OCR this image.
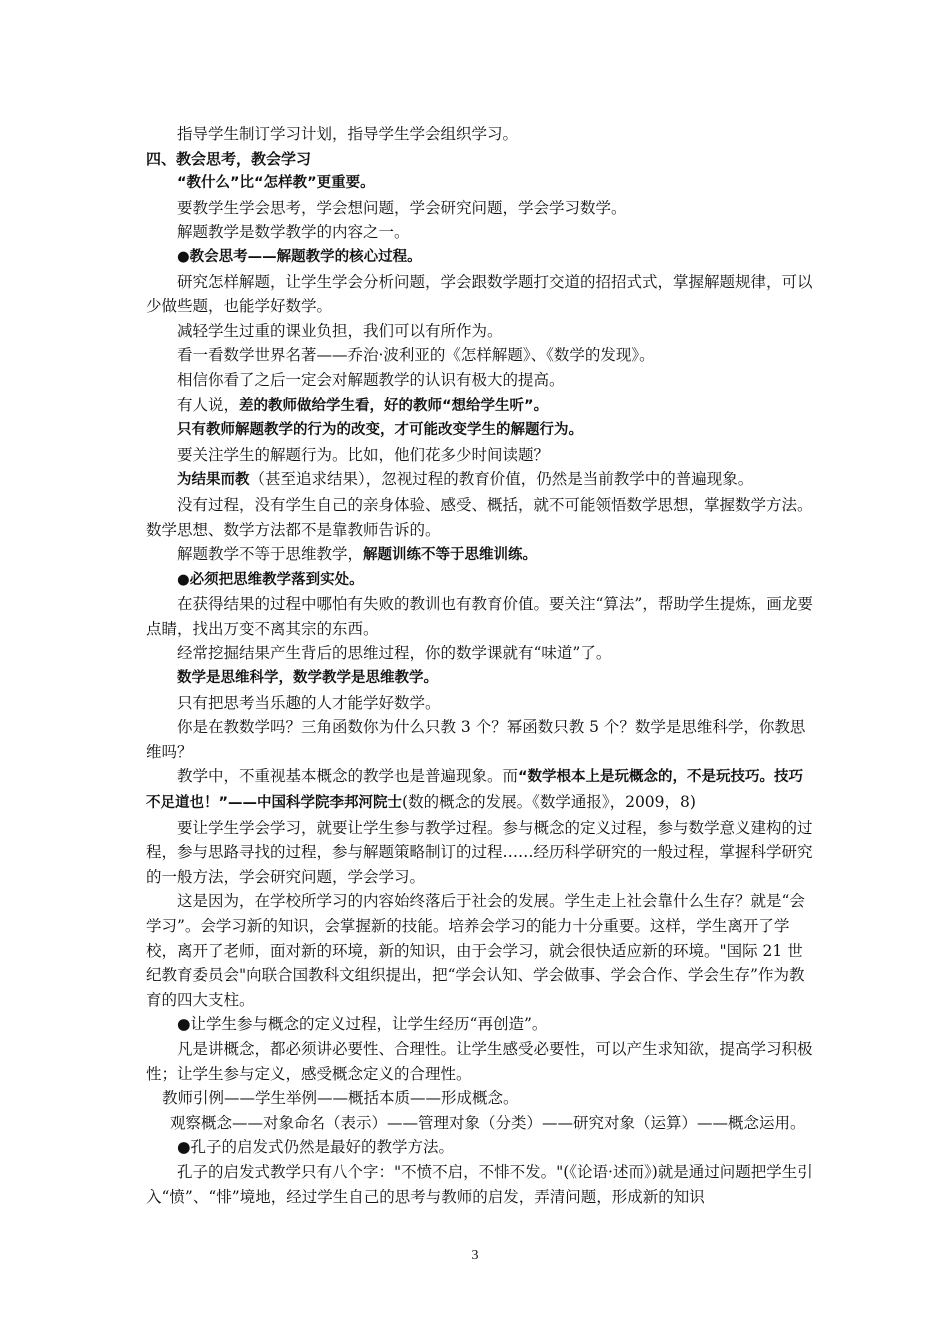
指导学生制订学习计划，指导学生学会组织学习。

四、教会思考，教会学习

“教什么”比“怎样教”更重要。

要教学生学会思考，学会想问题，学会研究问题，学会学习数学。

解题教学是数学教学的内容之一。

●教会思考——解题教学的核心过程。

研究怎样解题，让学生学会分析问题，学会跟数学题打交道的招招式式，掌握解题规律，可以少做些题，也能学好数学。

减轻学生过重的课业负担，我们可以有所作为。

看一看数学世界名著——乔治·波利亚的《怎样解题》、《数学的发现》。

相信你看了之后一定会对解题教学的认识有极大的提高。

有人说，差的教师做给学生看，好的教师“想给学生听”。

只有教师解题教学的行为的改变，才可能改变学生的解题行为。

要关注学生的解题行为。比如，他们花多少时间读题？

为结果而教（甚至追求结果），忽视过程的教育价值，仍然是当前教学中的普遍现象。

没有过程，没有学生自己的亲身体验、感受、概括，就不可能领悟数学思想，掌握数学方法。数学思想、数学方法都不是靠教师告诉的。

解题教学不等于思维教学，解题训练不等于思维训练。

●必须把思维教学落到实处。

在获得结果的过程中哪怕有失败的教训也有教育价值。要关注“算法”，帮助学生提炼，画龙要点睛，找出万变不离其宗的东西。

经常挖掘结果产生背后的思维过程，你的数学课就有“味道”了。

数学是思维科学，数学教学是思维教学。

只有把思考当乐趣的人才能学好数学。

你是在教数学吗？三角函数你为什么只教 3 个？幂函数只教 5 个？数学是思维科学，你教思维吗？

教学中，不重视基本概念的教学也是普遍现象。而“数学根本上是玩概念的，不是玩技巧。技巧不足道也！”——中国科学院李邦河院士(数的概念的发展。《数学通报》，2009，8)

要让学生学会学习，就要让学生参与教学过程。参与概念的定义过程，参与数学意义建构的过程，参与思路寻找的过程，参与解题策略制订的过程……经历科学研究的一般过程，掌握科学研究的一般方法，学会研究问题，学会学习。

这是因为，在学校所学习的内容始终落后于社会的发展。学生走上社会靠什么生存？就是“会学习”。会学习新的知识，会掌握新的技能。培养会学习的能力十分重要。这样，学生离开了学校，离开了老师，面对新的环境，新的知识，由于会学习，就会很快适应新的环境。"国际 21 世纪教育委员会"向联合国教科文组织提出，把“学会认知、学会做事、学会合作、学会生存”作为教育的四大支柱。

●让学生参与概念的定义过程，让学生经历“再创造”。

凡是讲概念，都必须讲必要性、合理性。让学生感受必要性，可以产生求知欲，提高学习积极性；让学生参与定义，感受概念定义的合理性。

教师引例——学生举例——概括本质——形成概念。

观察概念——对象命名（表示）——管理对象（分类）——研究对象（运算）——概念运用。

●孔子的启发式仍然是最好的教学方法。

孔子的启发式教学只有八个字："不愤不启，不悱不发。"(《论语·述而》)就是通过问题把学生引入“愤”、“悱”境地，经过学生自己的思考与教师的启发，弄清问题，形成新的知识

3
